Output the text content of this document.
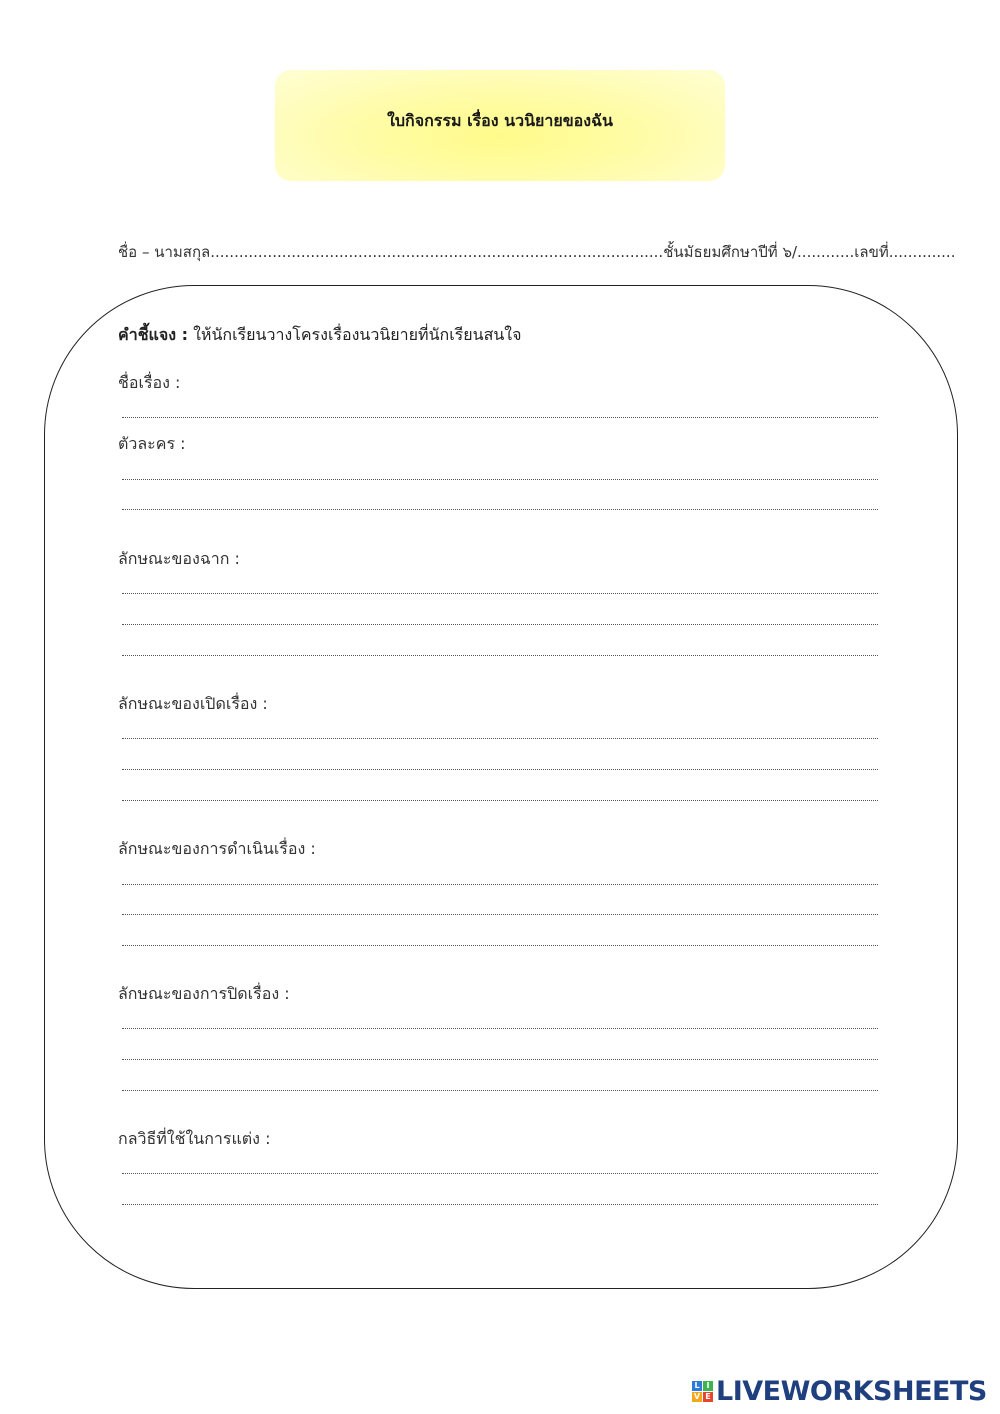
ใบกิจกรรม เรื่อง นวนิยายของฉัน
ชื่อ – นามสกุล ............................................................................................... ชั้นมัธยมศึกษาปีที่ ๖/ ............ เลขที่ ..............
คำชี้แจง : ให้นักเรียนวางโครงเรื่องนวนิยายที่นักเรียนสนใจ
ชื่อเรื่อง :
ตัวละคร :
ลักษณะของฉาก :
ลักษณะของเปิดเรื่อง :
ลักษณะของการดำเนินเรื่อง :
ลักษณะของการปิดเรื่อง :
กลวิธีที่ใช้ในการแต่ง :
L I
V E LIVEWORKSHEETS
